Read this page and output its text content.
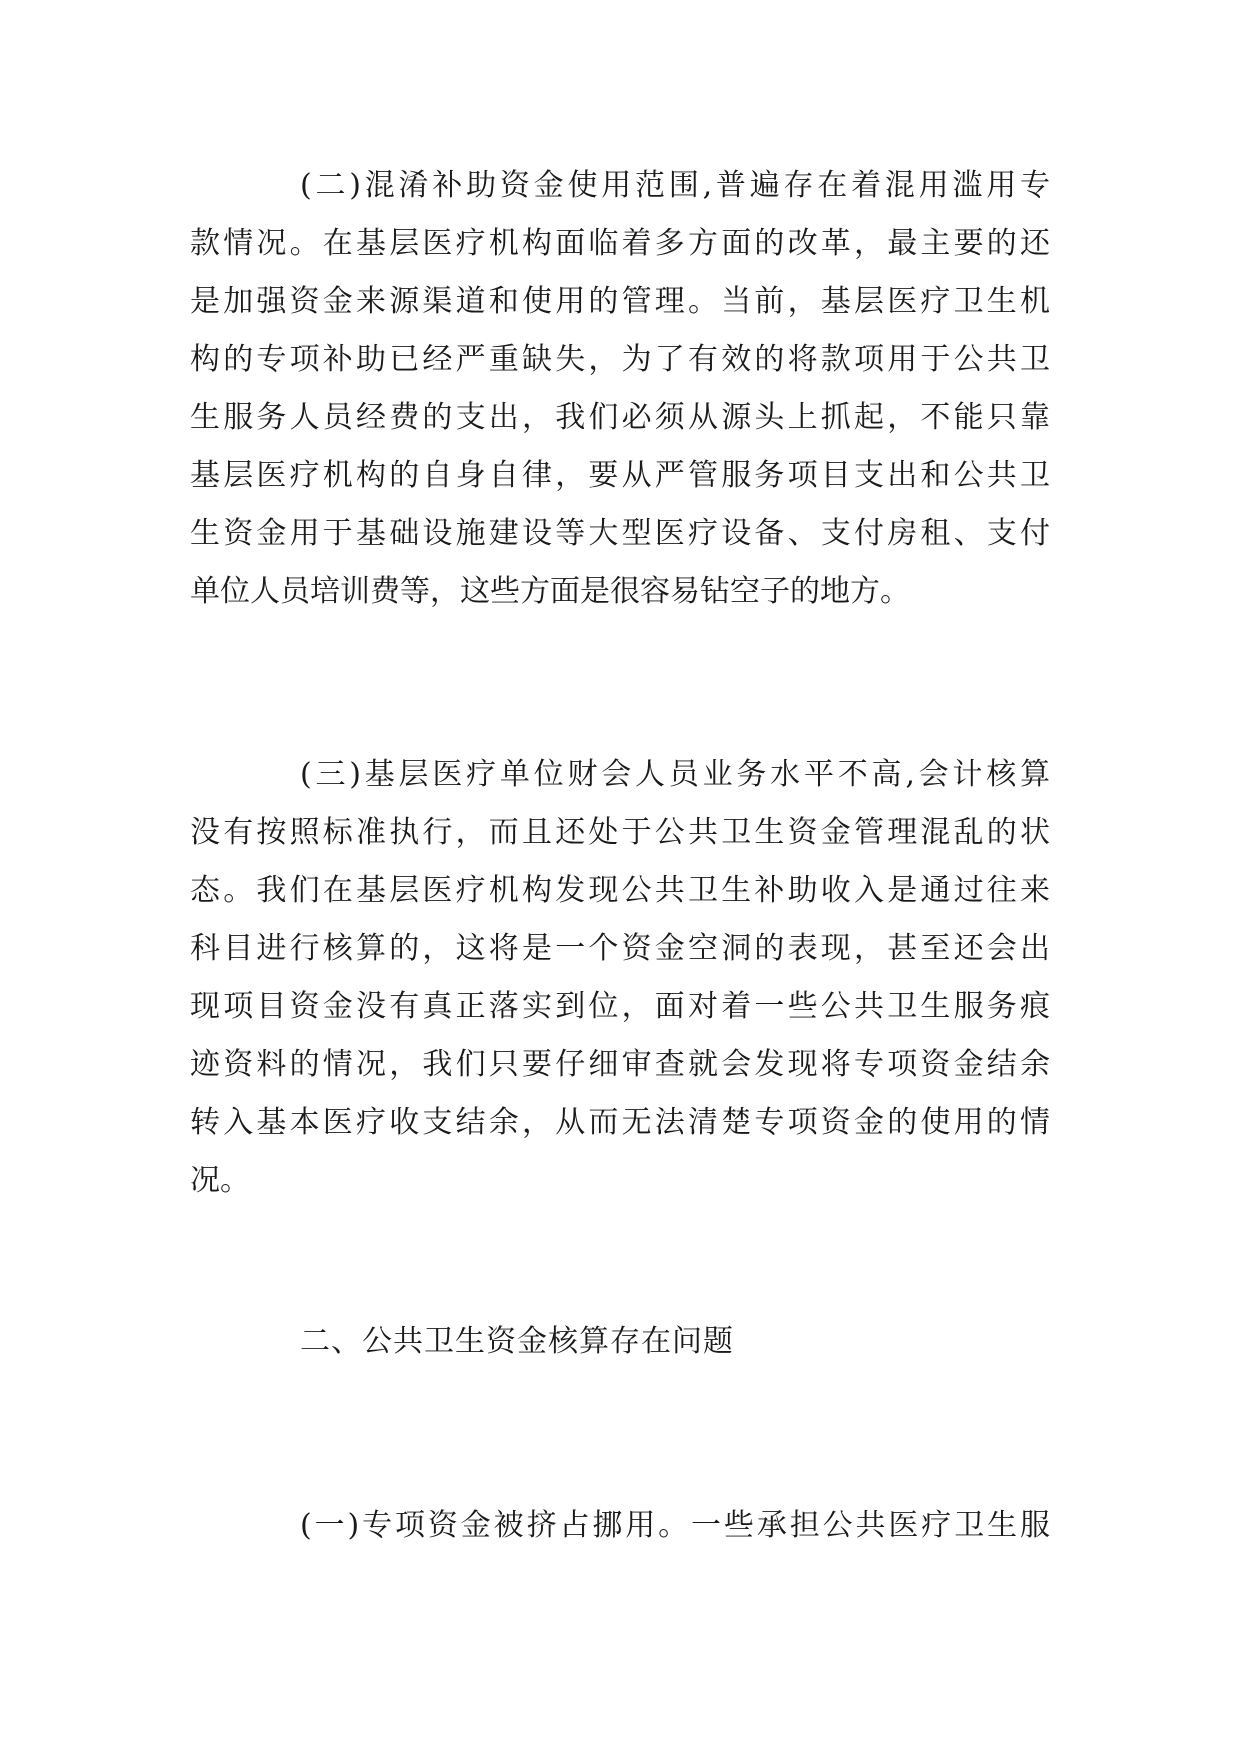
(二)混淆补助资金使用范围,普遍存在着混用滥用专
款情况。在基层医疗机构面临着多方面的改革，最主要的还
是加强资金来源渠道和使用的管理。当前，基层医疗卫生机
构的专项补助已经严重缺失，为了有效的将款项用于公共卫
生服务人员经费的支出，我们必须从源头上抓起，不能只靠
基层医疗机构的自身自律，要从严管服务项目支出和公共卫
生资金用于基础设施建设等大型医疗设备、支付房租、支付
单位人员培训费等，这些方面是很容易钻空子的地方。
(三)基层医疗单位财会人员业务水平不高,会计核算
没有按照标准执行，而且还处于公共卫生资金管理混乱的状
态。我们在基层医疗机构发现公共卫生补助收入是通过往来
科目进行核算的，这将是一个资金空洞的表现，甚至还会出
现项目资金没有真正落实到位，面对着一些公共卫生服务痕
迹资料的情况，我们只要仔细审查就会发现将专项资金结余
转入基本医疗收支结余，从而无法清楚专项资金的使用的情
况。
二、公共卫生资金核算存在问题
(一)专项资金被挤占挪用。一些承担公共医疗卫生服
